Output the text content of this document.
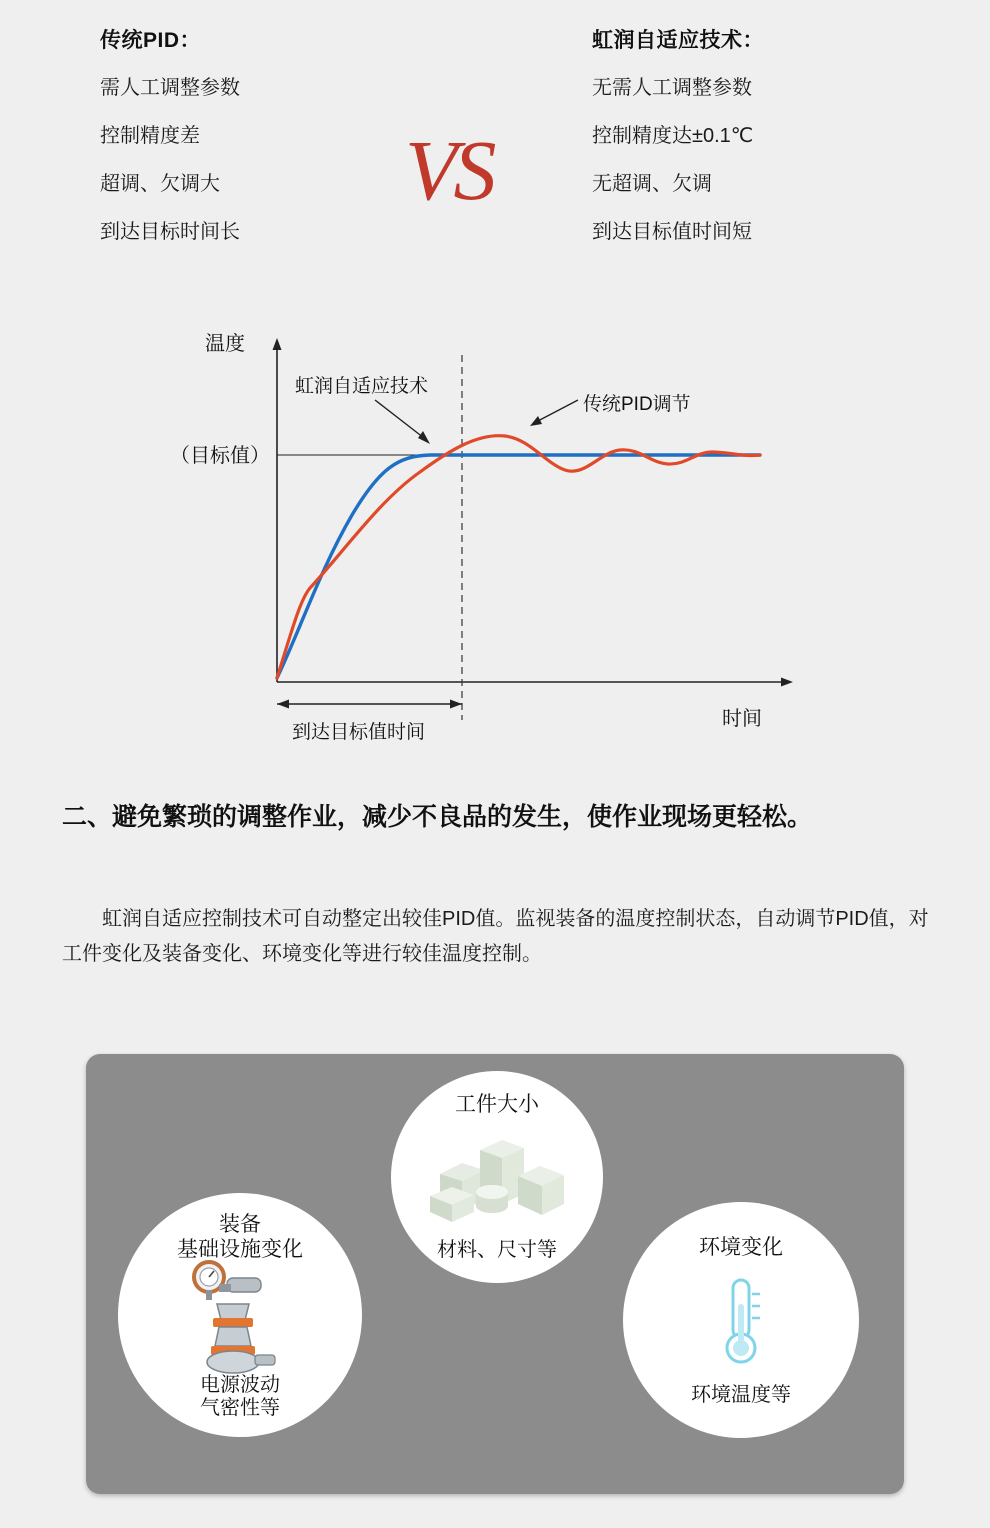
传统PID：
需人工调整参数
控制精度差
超调、欠调大
到达目标时间长
VS
虹润自适应技术：
无需人工调整参数
控制精度达±0.1℃
无超调、欠调
到达目标值时间短
温度
时间
（目标值）
虹润自适应技术
传统PID调节
到达目标值时间
二、避免繁琐的调整作业，减少不良品的发生，使作业现场更轻松。
虹润自适应控制技术可自动整定出较佳PID值。监视装备的温度控制状态，自动调节PID值，对工件变化及装备变化、环境变化等进行较佳温度控制。
工件大小
材料、尺寸等
装备
基础设施变化
电源波动
气密性等
环境变化
环境温度等
